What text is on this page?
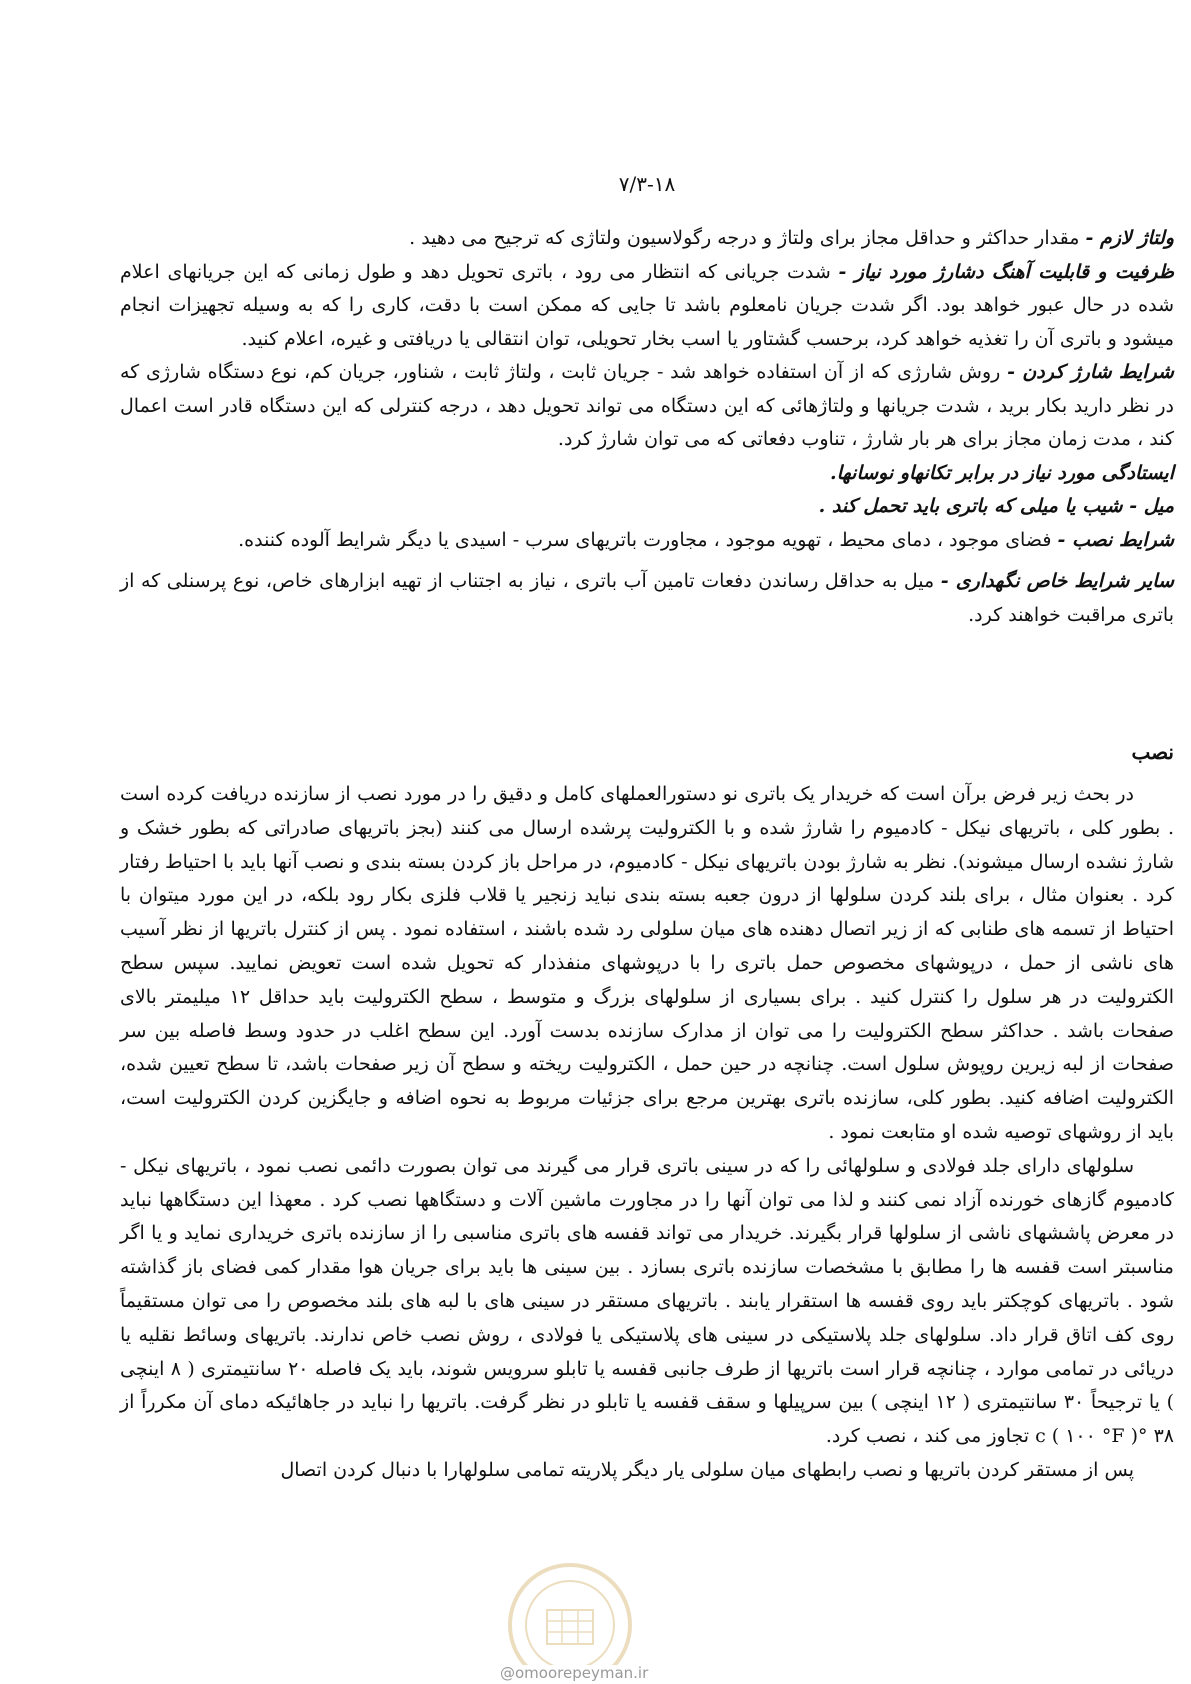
۷/۳-۱۸

ولتاژ لازم - مقدار حداکثر و حداقل مجاز برای ولتاژ و درجه رگولاسیون ولتاژی که ترجیح می دهید .

ظرفیت و قابلیت آهنگ دشارژ مورد نیاز - شدت جریانی که انتظار می رود ، باتری تحویل دهد و طول زمانی که این جریانهای اعلام شده در حال عبور خواهد بود. اگر شدت جریان نامعلوم باشد تا جایی که ممکن است با دقت، کاری را که به وسیله تجهیزات انجام میشود و باتری آن را تغذیه خواهد کرد، برحسب گشتاور یا اسب بخار تحویلی، توان انتقالی یا دریافتی و غیره، اعلام کنید.

شرایط شارژ کردن - روش شارژی که از آن استفاده خواهد شد - جریان ثابت ، ولتاژ ثابت ، شناور، جریان کم، نوع دستگاه شارژی که در نظر دارید بکار برید ، شدت جریانها و ولتاژهائی که این دستگاه می تواند تحویل دهد ، درجه کنترلی که این دستگاه قادر است اعمال کند ، مدت زمان مجاز برای هر بار شارژ ، تناوب دفعاتی که می توان شارژ کرد.

ایستادگی مورد نیاز در برابر تکانهاو نوسانها.

میل - شیب یا میلی که باتری باید تحمل کند .

شرایط نصب - فضای موجود ، دمای محیط ، تهویه موجود ، مجاورت باتریهای سرب - اسیدی یا دیگر شرایط آلوده کننده.

سایر شرایط خاص نگهداری - میل به حداقل رساندن دفعات تامین آب باتری ، نیاز به اجتناب از تهیه ابزارهای خاص، نوع پرسنلی که از باتری مراقبت خواهند کرد.

نصب

در بحث زیر فرض برآن است که خریدار یک باتری نو دستورالعملهای کامل و دقیق را در مورد نصب از سازنده دریافت کرده است . بطور کلی ، باتریهای نیکل - کادمیوم را شارژ شده و با الکترولیت پرشده ارسال می کنند (بجز باتریهای صادراتی که بطور خشک و شارژ نشده ارسال میشوند). نظر به شارژ بودن باتریهای نیکل - کادمیوم، در مراحل باز کردن بسته بندی و نصب آنها باید با احتیاط رفتار کرد . بعنوان مثال ، برای بلند کردن سلولها از درون جعبه بسته بندی نباید زنجیر یا قلاب فلزی بکار رود بلکه، در این مورد میتوان با احتیاط از تسمه های طنابی که از زیر اتصال دهنده های میان سلولی رد شده باشند ، استفاده نمود . پس از کنترل باتریها از نظر آسیب های ناشی از حمل ، درپوشهای مخصوص حمل باتری را با درپوشهای منفذدار که تحویل شده است تعویض نمایید. سپس سطح الکترولیت در هر سلول را کنترل کنید . برای بسیاری از سلولهای بزرگ و متوسط ، سطح الکترولیت باید حداقل ۱۲ میلیمتر بالای صفحات باشد . حداکثر سطح الکترولیت را می توان از مدارک سازنده بدست آورد. این سطح اغلب در حدود وسط فاصله بین سر صفحات از لبه زیرین روپوش سلول است. چنانچه در حین حمل ، الکترولیت ریخته و سطح آن زیر صفحات باشد، تا سطح تعیین شده، الکترولیت اضافه کنید. بطور کلی، سازنده باتری بهترین مرجع برای جزئیات مربوط به نحوه اضافه و جایگزین کردن الکترولیت است، باید از روشهای توصیه شده او متابعت نمود .

سلولهای دارای جلد فولادی و سلولهائی را که در سینی باتری قرار می گیرند می توان بصورت دائمی نصب نمود ، باتریهای نیکل - کادمیوم گازهای خورنده آزاد نمی کنند و لذا می توان آنها را در مجاورت ماشین آلات و دستگاهها نصب کرد . معهذا این دستگاهها نباید در معرض پاششهای ناشی از سلولها قرار بگیرند. خریدار می تواند قفسه های باتری مناسبی را از سازنده باتری خریداری نماید و یا اگر مناسبتر است قفسه ها را مطابق با مشخصات سازنده باتری بسازد . بین سینی ها باید برای جریان هوا مقدار کمی فضای باز گذاشته شود . باتریهای کوچکتر باید روی قفسه ها استقرار یابند . باتریهای مستقر در سینی های با لبه های بلند مخصوص را می توان مستقیماً روی کف اتاق قرار داد. سلولهای جلد پلاستیکی در سینی های پلاستیکی یا فولادی ، روش نصب خاص ندارند. باتریهای وسائط نقلیه یا دریائی در تمامی موارد ، چنانچه قرار است باتریها از طرف جانبی قفسه یا تابلو سرویس شوند، باید یک فاصله ۲۰ سانتیمتری ( ۸ اینچی ) یا ترجیحاً ۳۰ سانتیمتری ( ۱۲ اینچی ) بین سرپیلها و سقف قفسه یا تابلو در نظر گرفت. باتریها را نباید در جاهائیکه دمای آن مکرراً از ۳۸ °c ( ۱۰۰ °F ) تجاوز می کند ، نصب کرد.

پس از مستقر کردن باتریها و نصب رابطهای میان سلولی یار دیگر پلاریته تمامی سلولهارا با دنبال کردن اتصال

@omoorepeyman.ir
